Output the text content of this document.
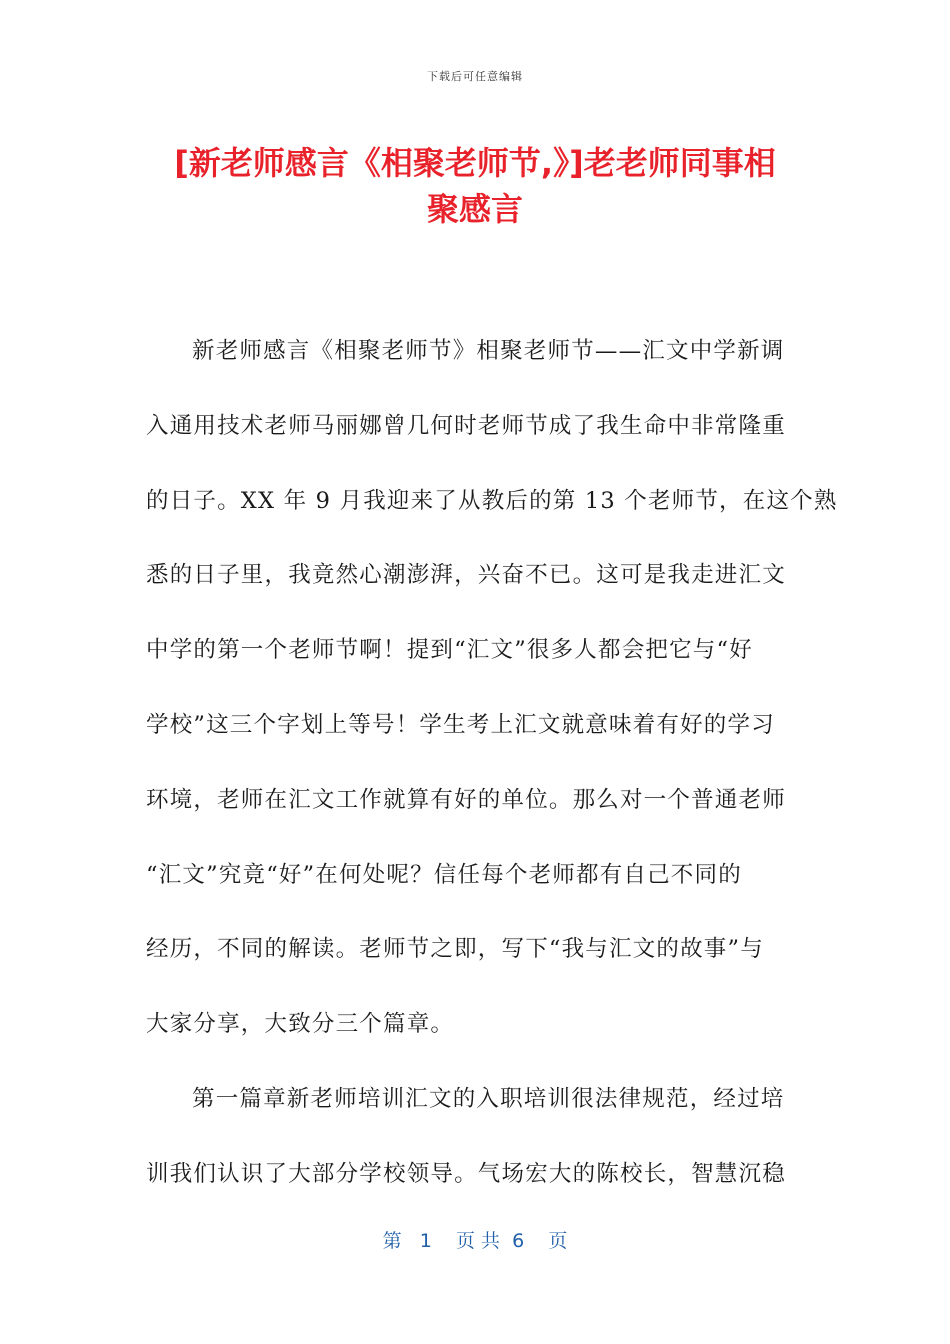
下载后可任意编辑
[新老师感言《相聚老师节,》]老老师同事相
聚感言
新老师感言《相聚老师节》相聚老师节——汇文中学新调
入通用技术老师马丽娜曾几何时老师节成了我生命中非常隆重
的日子。XX 年 9 月我迎来了从教后的第 13 个老师节，在这个熟
悉的日子里，我竟然心潮澎湃，兴奋不已。这可是我走进汇文
中学的第一个老师节啊！提到“汇文”很多人都会把它与“好
学校”这三个字划上等号！学生考上汇文就意味着有好的学习
环境，老师在汇文工作就算有好的单位。那么对一个普通老师
“汇文”究竟“好”在何处呢？信任每个老师都有自己不同的
经历，不同的解读。老师节之即，写下“我与汇文的故事”与
大家分享，大致分三个篇章。
第一篇章新老师培训汇文的入职培训很法律规范，经过培
训我们认识了大部分学校领导。气场宏大的陈校长，智慧沉稳
第   1    页 共  6    页
